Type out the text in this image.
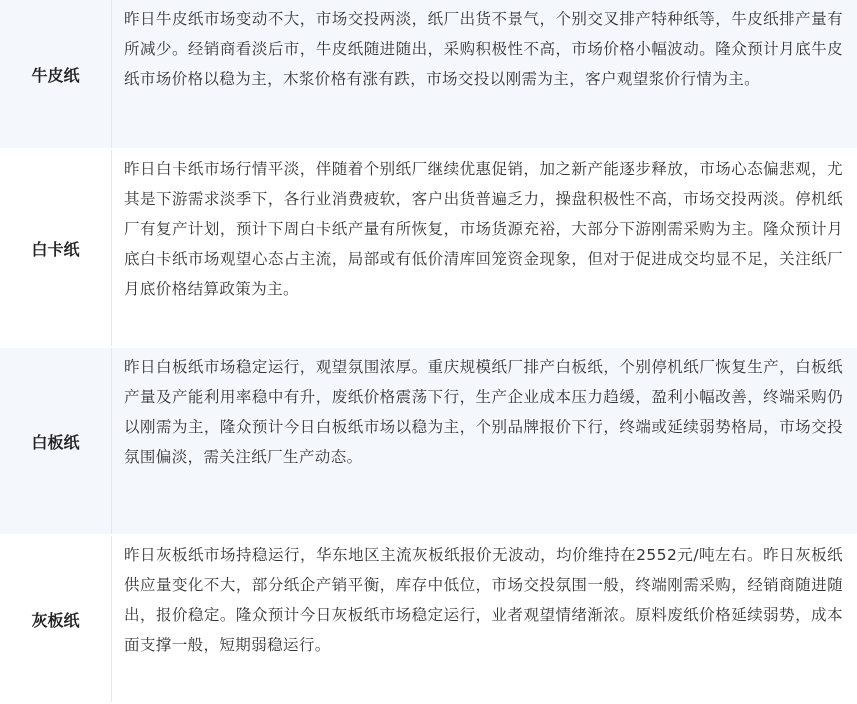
牛皮纸
昨日牛皮纸市场变动不大，市场交投两淡，纸厂出货不景气，个别交叉排产特种纸等，牛皮纸排产量有所减少。经销商看淡后市，牛皮纸随进随出，采购积极性不高，市场价格小幅波动。隆众预计月底牛皮纸市场价格以稳为主，木浆价格有涨有跌，市场交投以刚需为主，客户观望浆价行情为主。
白卡纸
昨日白卡纸市场行情平淡，伴随着个别纸厂继续优惠促销，加之新产能逐步释放，市场心态偏悲观，尤其是下游需求淡季下，各行业消费疲软，客户出货普遍乏力，操盘积极性不高，市场交投两淡。停机纸厂有复产计划，预计下周白卡纸产量有所恢复，市场货源充裕，大部分下游刚需采购为主。隆众预计月底白卡纸市场观望心态占主流，局部或有低价清库回笼资金现象，但对于促进成交均显不足，关注纸厂月底价格结算政策为主。
白板纸
昨日白板纸市场稳定运行，观望氛围浓厚。重庆规模纸厂排产白板纸，个别停机纸厂恢复生产，白板纸产量及产能利用率稳中有升，废纸价格震荡下行，生产企业成本压力趋缓，盈利小幅改善，终端采购仍以刚需为主，隆众预计今日白板纸市场以稳为主，个别品牌报价下行，终端或延续弱势格局，市场交投氛围偏淡，需关注纸厂生产动态。
灰板纸
昨日灰板纸市场持稳运行，华东地区主流灰板纸报价无波动，均价维持在2552元/吨左右。昨日灰板纸供应量变化不大，部分纸企产销平衡，库存中低位，市场交投氛围一般，终端刚需采购，经销商随进随出，报价稳定。隆众预计今日灰板纸市场稳定运行，业者观望情绪渐浓。原料废纸价格延续弱势，成本面支撑一般，短期弱稳运行。
